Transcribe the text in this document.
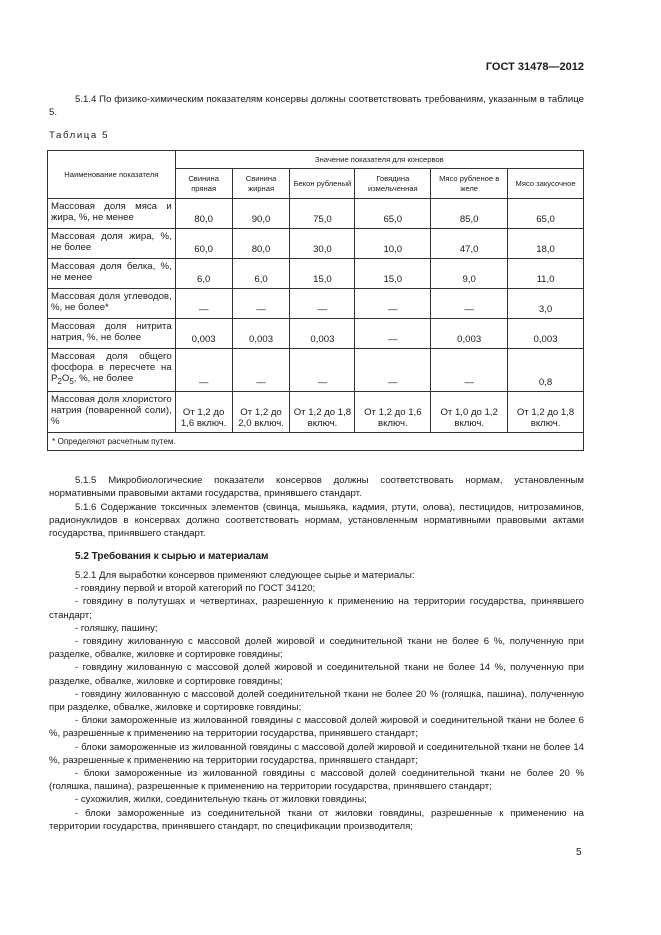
ГОСТ 31478—2012

5.1.4 По физико-химическим показателям консервы должны соответствовать требованиям, указанным в таблице 5.

Таблица 5
Наименование показателя	Значение показателя для консервов					
	Свинина пряная	Свинина жирная	Бекон рубленый	Говядина измельченная	Мясо рубленое в желе	Мясо закусочное
Массовая доля мяса и жира, %, не менее	80,0	90,0	75,0	65,0	85,0	65,0
Массовая доля жира, %, не более	60,0	80,0	30,0	10,0	47,0	18,0
Массовая доля белка, %, не менее	6,0	6,0	15,0	15,0	9,0	11,0
Массовая доля углеводов, %, не более*	—	—	—	—	—	3,0
Массовая доля нитрита натрия, %, не более	0,003	0,003	0,003	—	0,003	0,003
Массовая доля общего фосфора в пересчете на $P_2O_5$, %, не более	—	—	—	—	—	0,8
Массовая доля хлористого натрия (поваренной соли), %	От 1,2 до 1,6 включ.	От 1,2 до 2,0 включ.	От 1,2 до 1,8 включ.	От 1,2 до 1,6 включ.	От 1,0 до 1,2 включ.	От 1,2 до 1,8 включ.
* Определяют расчетным путем.						

5.1.5 Микробиологические показатели консервов должны соответствовать нормам, установленным нормативными правовыми актами государства, принявшего стандарт.

5.1.6 Содержание токсичных элементов (свинца, мышьяка, кадмия, ртути, олова), пестицидов, нитрозаминов, радионуклидов в консервах должно соответствовать нормам, установленным нормативными правовыми актами государства, принявшего стандарт.

5.2 Требования к сырью и материалам

5.2.1 Для выработки консервов применяют следующее сырье и материалы:

- говядину первой и второй категорий по ГОСТ 34120;

- говядину в полутушах и четвертинах, разрешенную к применению на территории государства, принявшего стандарт;

- голяшку, пашину;

- говядину жилованную с массовой долей жировой и соединительной ткани не более 6 %, полученную при разделке, обвалке, жиловке и сортировке говядины;

- говядину жилованную с массовой долей жировой и соединительной ткани не более 14 %, полученную при разделке, обвалке, жиловке и сортировке говядины;

- говядину жилованную с массовой долей соединительной ткани не более 20 % (голяшка, пашина), полученную при разделке, обвалке, жиловке и сортировке говядины;

- блоки замороженные из жилованной говядины с массовой долей жировой и соединительной ткани не более 6 %, разрешенные к применению на территории государства, принявшего стандарт;

- блоки замороженные из жилованной говядины с массовой долей жировой и соединительной ткани не более 14 %, разрешенные к применению на территории государства, принявшего стандарт;

- блоки замороженные из жилованной говядины с массовой долей соединительной ткани не более 20 % (голяшка, пашина), разрешенные к применению на территории государства, принявшего стандарт;

- сухожилия, жилки, соединительную ткань от жиловки говядины;

- блоки замороженные из соединительной ткани от жиловки говядины, разрешенные к применению на территории государства, принявшего стандарт, по спецификации производителя;

5
